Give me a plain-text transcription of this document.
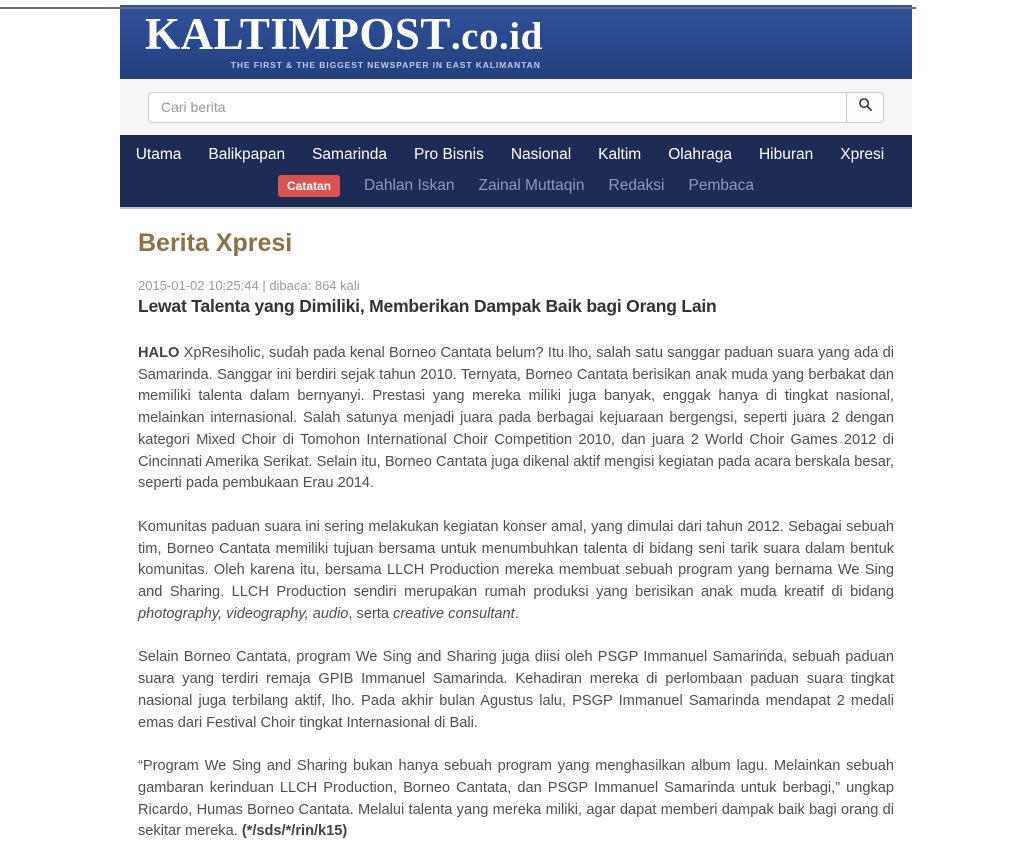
KALTIMPOST.co.id
THE FIRST & THE BIGGEST NEWSPAPER IN EAST KALIMANTAN
Cari berita
Home Utama Balikpapan Samarinda Pro Bisnis Nasional Kaltim Olahraga Hiburan Xpresi Celoteh
Catatan	Dahlan Iskan Zainal Muttaqin Redaksi Pembaca
Berita Xpresi
2015-01-02 10:25:44 | dibaca: 864 kali
Lewat Talenta yang Dimiliki, Memberikan Dampak Baik bagi Orang Lain

HALO XpResiholic, sudah pada kenal Borneo Cantata belum? Itu lho, salah satu sanggar paduan suara yang ada di Samarinda. Sanggar ini berdiri sejak tahun 2010. Ternyata, Borneo Cantata berisikan anak muda yang berbakat dan memiliki talenta dalam bernyanyi. Prestasi yang mereka miliki juga banyak, enggak hanya di tingkat nasional, melainkan internasional. Salah satunya menjadi juara pada berbagai kejuaraan bergengsi, seperti juara 2 dengan kategori Mixed Choir di Tomohon International Choir Competition 2010, dan juara 2 World Choir Games 2012 di Cincinnati Amerika Serikat. Selain itu, Borneo Cantata juga dikenal aktif mengisi kegiatan pada acara berskala besar, seperti pada pembukaan Erau 2014.

Komunitas paduan suara ini sering melakukan kegiatan konser amal, yang dimulai dari tahun 2012. Sebagai sebuah tim, Borneo Cantata memiliki tujuan bersama untuk menumbuhkan talenta di bidang seni tarik suara dalam bentuk komunitas. Oleh karena itu, bersama LLCH Production mereka membuat sebuah program yang bernama We Sing and Sharing. LLCH Production sendiri merupakan rumah produksi yang berisikan anak muda kreatif di bidang photography, videography, audio, serta creative consultant.

Selain Borneo Cantata, program We Sing and Sharing juga diisi oleh PSGP Immanuel Samarinda, sebuah paduan suara yang terdiri remaja GPIB Immanuel Samarinda. Kehadiran mereka di perlombaan paduan suara tingkat nasional juga terbilang aktif, lho. Pada akhir bulan Agustus lalu, PSGP Immanuel Samarinda mendapat 2 medali emas dari Festival Choir tingkat Internasional di Bali.

“Program We Sing and Sharing bukan hanya sebuah program yang menghasilkan album lagu. Melainkan sebuah gambaran kerinduan LLCH Production, Borneo Cantata, dan PSGP Immanuel Samarinda untuk berbagi,” ungkap Ricardo, Humas Borneo Cantata. Melalui talenta yang mereka miliki, agar dapat memberi dampak baik bagi orang di sekitar mereka. (*/sds/*/rin/k15)
